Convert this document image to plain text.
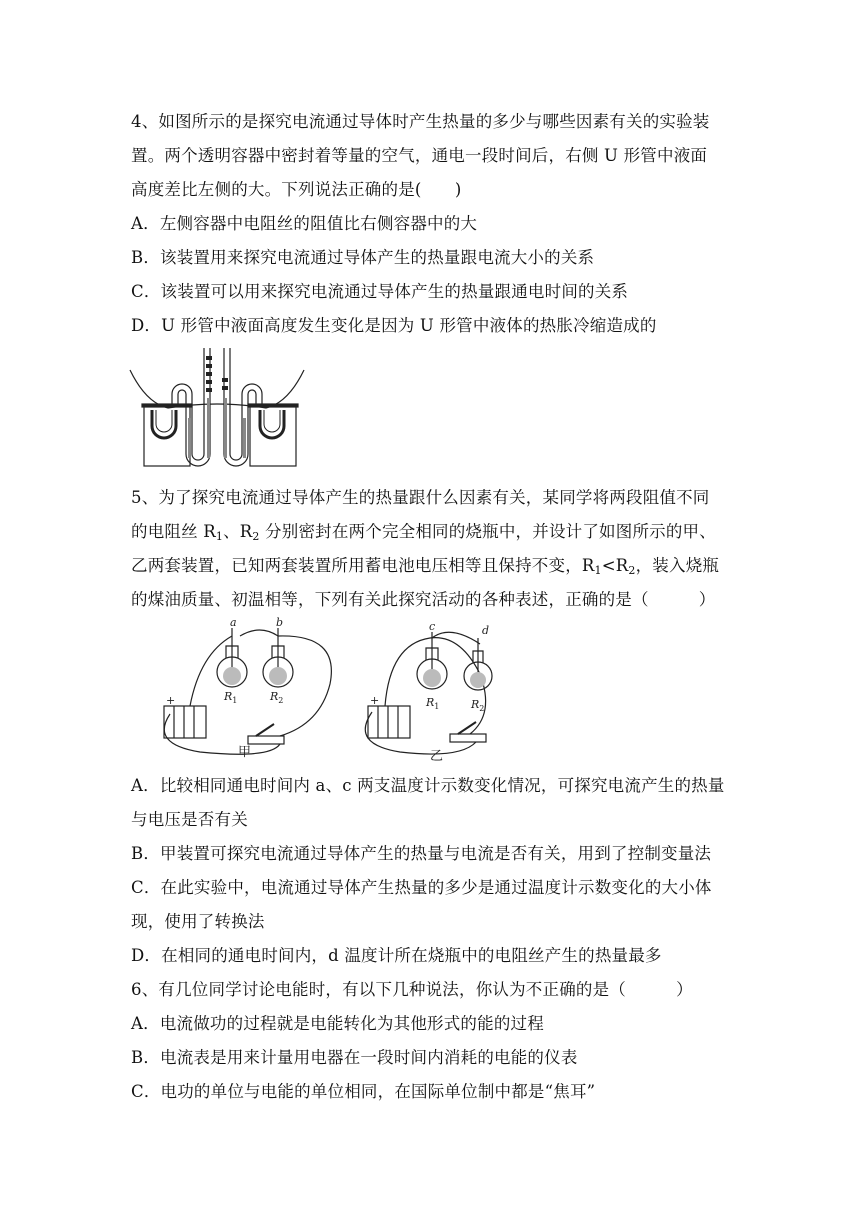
4、如图所示的是探究电流通过导体时产生热量的多少与哪些因素有关的实验装
置。两个透明容器中密封着等量的空气，通电一段时间后，右侧 U 形管中液面
高度差比左侧的大。下列说法正确的是(　　)
A．左侧容器中电阻丝的阻值比右侧容器中的大
B．该装置用来探究电流通过导体产生的热量跟电流大小的关系
C．该装置可以用来探究电流通过导体产生的热量跟通电时间的关系
D．U 形管中液面高度发生变化是因为 U 形管中液体的热胀冷缩造成的
5、为了探究电流通过导体产生的热量跟什么因素有关，某同学将两段阻值不同
的电阻丝 $R_1$、$R_2$ 分别密封在两个完全相同的烧瓶中，并设计了如图所示的甲、
乙两套装置，已知两套装置所用蓄电池电压相等且保持不变，$R_1<R_2$，装入烧瓶
的煤油质量、初温相等，下列有关此探究活动的各种表述，正确的是（　　　）
a	b	c	d
$R_1$	$R_2$	$R_1$	$R_2$
+	+
甲	乙
A．比较相同通电时间内 a、c 两支温度计示数变化情况，可探究电流产生的热量
与电压是否有关
B．甲装置可探究电流通过导体产生的热量与电流是否有关，用到了控制变量法
C．在此实验中，电流通过导体产生热量的多少是通过温度计示数变化的大小体
现，使用了转换法
D．在相同的通电时间内，d 温度计所在烧瓶中的电阻丝产生的热量最多
6、有几位同学讨论电能时，有以下几种说法，你认为不正确的是（　　　）
A．电流做功的过程就是电能转化为其他形式的能的过程
B．电流表是用来计量用电器在一段时间内消耗的电能的仪表
C．电功的单位与电能的单位相同，在国际单位制中都是“焦耳”
